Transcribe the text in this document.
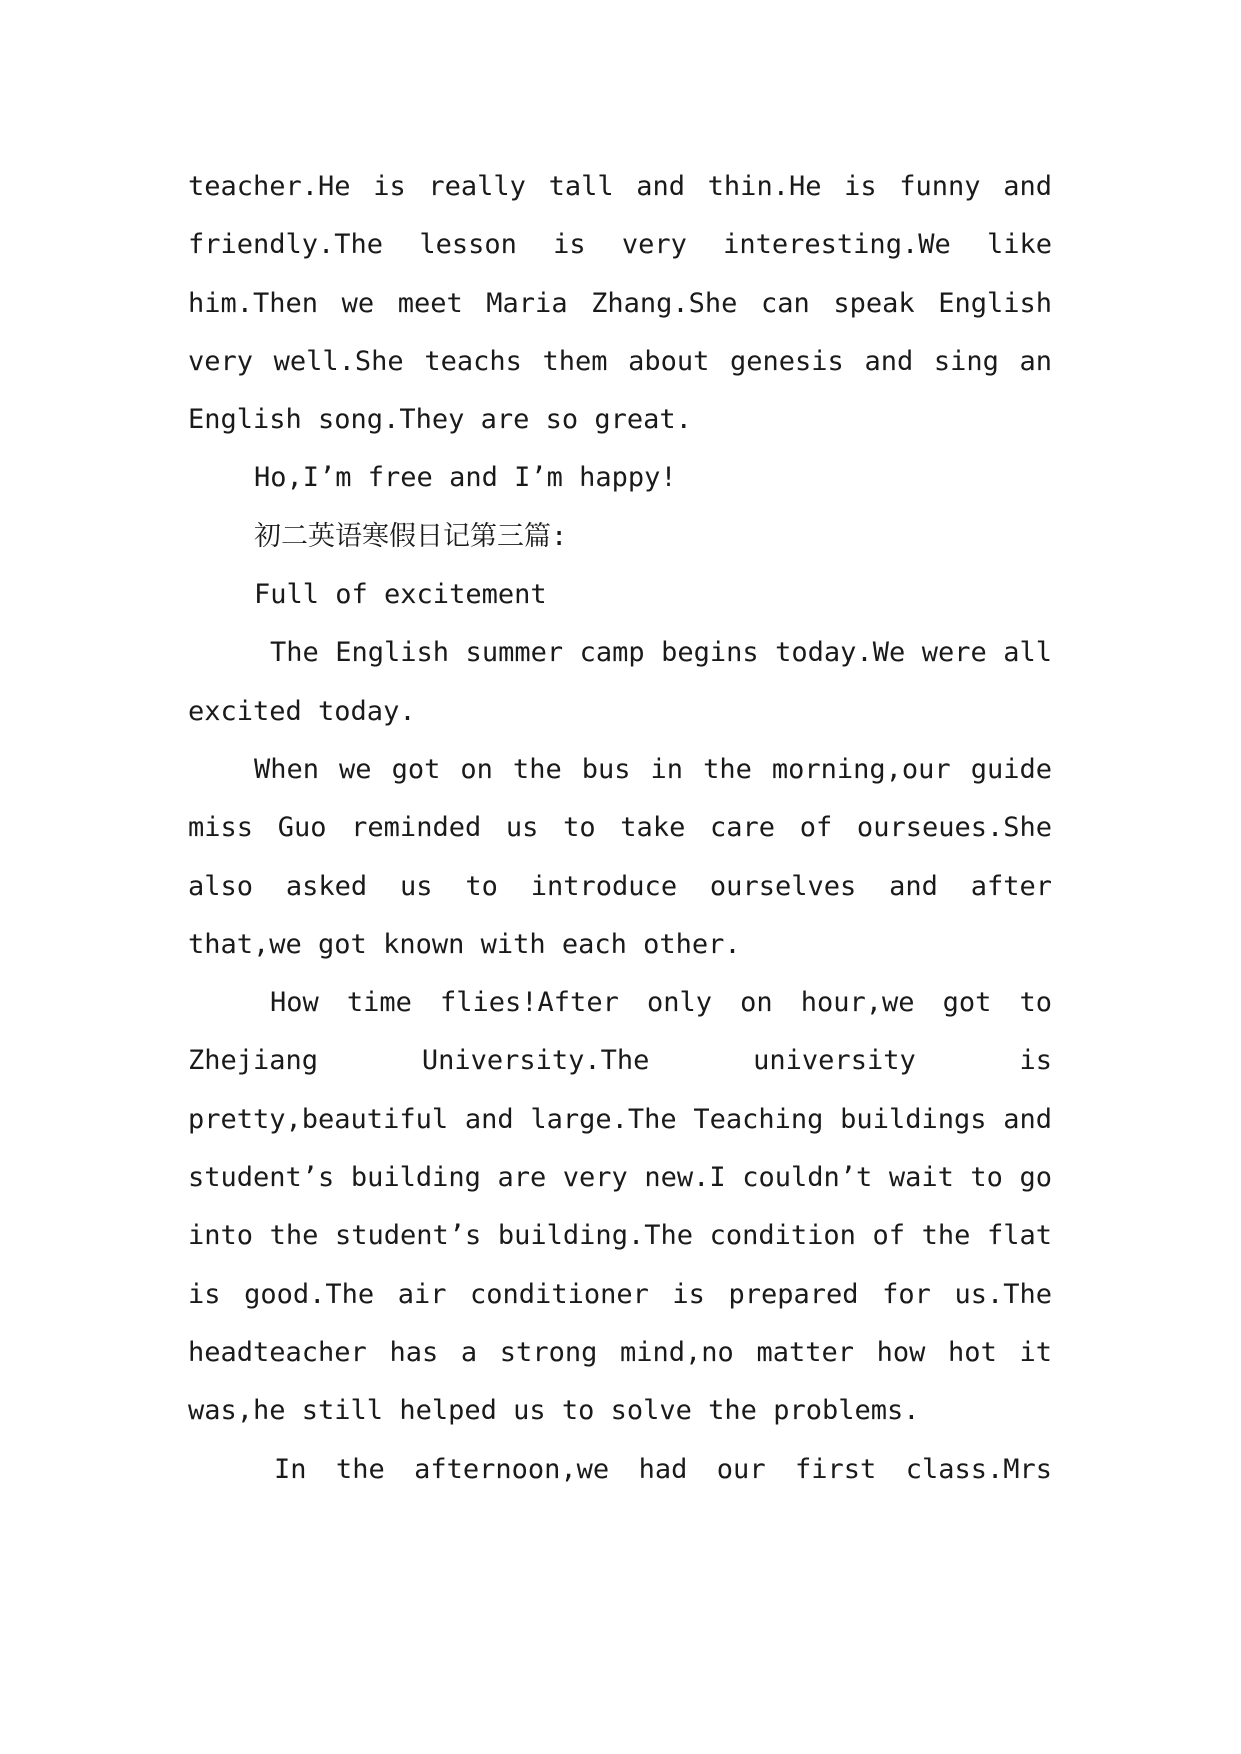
teacher.He is really tall and thin.He is funny and friendly.The lesson is very interesting.We like him.Then we meet Maria Zhang.She can speak English very well.She teachs them about genesis and sing an English song.They are so great.

Ho,I’m free and I’m happy!

初二英语寒假日记第三篇:

Full of excitement

The English summer camp begins today.We were all excited today.

When we got on the bus in the morning,our guide miss Guo reminded us to take care of ourseues.She also asked us to introduce ourselves and after that,we got known with each other.

How time flies!After only on hour,we got to Zhejiang University.The university is pretty,beautiful and large.The Teaching buildings and student’s building are very new.I couldn’t wait to go into the student’s building.The condition of the flat is good.The air conditioner is prepared for us.The headteacher has a strong mind,no matter how hot it was,he still helped us to solve the problems.

In the afternoon,we had our first class.Mrs
